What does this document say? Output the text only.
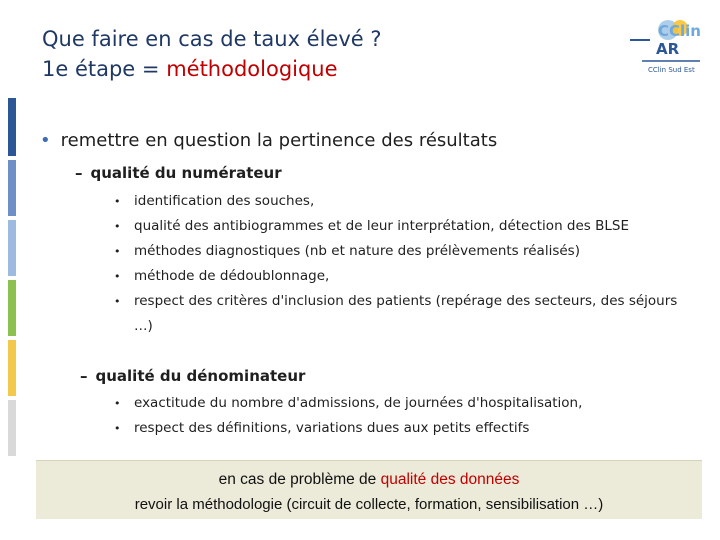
Que faire en cas de taux élevé ?
1e étape = méthodologique
CClin
AR
CClin Sud Est
• remettre en question la pertinence des résultats
– qualité du numérateur
• identification des souches,
• qualité des antibiogrammes et de leur interprétation, détection des BLSE
• méthodes diagnostiques (nb et nature des prélèvements réalisés)
• méthode de dédoublonnage,
• respect des critères d'inclusion des patients (repérage des secteurs, des séjours
…)
– qualité du dénominateur
• exactitude du nombre d'admissions, de journées d'hospitalisation,
• respect des définitions, variations dues aux petits effectifs
en cas de problème de qualité des données
revoir la méthodologie (circuit de collecte, formation, sensibilisation …)
